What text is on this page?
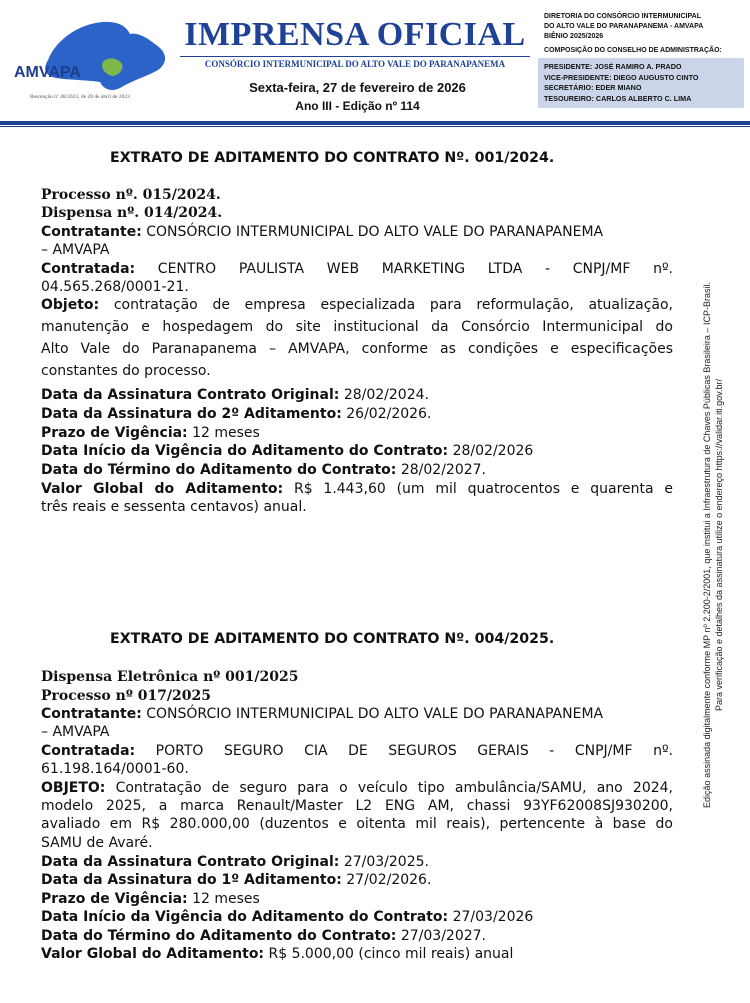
AMVAPA
Resolução nº 48/2023, de 28 de abril de 2023
IMPRENSA OFICIAL
CONSÓRCIO INTERMUNICIPAL DO ALTO VALE DO PARANAPANEMA
Sexta-feira, 27 de fevereiro de 2026
Ano III - Edição nº 114
DIRETORIA DO CONSÓRCIO INTERMUNICIPAL
DO ALTO VALE DO PARANAPANEMA - AMVAPA
BIÊNIO 2025/2026
COMPOSIÇÃO DO CONSELHO DE ADMINISTRAÇÃO:
PRESIDENTE: JOSÉ RAMIRO A. PRADO
VICE-PRESIDENTE: DIEGO AUGUSTO CINTO
SECRETÁRIO: EDER MIANO
TESOUREIRO: CARLOS ALBERTO C. LIMA
Edição assinada digitalmente conforme MP nº 2.200-2/2001, que institui a Infraestrutura de Chaves Públicas Brasileira – ICP-Brasil. Para verificação e detalhes da assinatura utilize o endereço https://validar.iti.gov.br/
EXTRATO DE ADITAMENTO DO CONTRATO Nº. 001/2024.
Processo nº. 015/2024.
Dispensa nº. 014/2024.
Contratante: CONSÓRCIO INTERMUNICIPAL DO ALTO VALE DO PARANAPANEMA
– AMVAPA
Contratada: CENTRO PAULISTA WEB MARKETING LTDA - CNPJ/MF nº.
04.565.268/0001-21.
Objeto: contratação de empresa especializada para reformulação, atualização,
manutenção e hospedagem do site institucional da Consórcio Intermunicipal do
Alto Vale do Paranapanema – AMVAPA, conforme as condições e especificações
constantes do processo.
Data da Assinatura Contrato Original: 28/02/2024.
Data da Assinatura do 2º Aditamento: 26/02/2026.
Prazo de Vigência: 12 meses
Data Início da Vigência do Aditamento do Contrato: 28/02/2026
Data do Término do Aditamento do Contrato: 28/02/2027.
Valor Global do Aditamento: R$ 1.443,60 (um mil quatrocentos e quarenta e
três reais e sessenta centavos) anual.
EXTRATO DE ADITAMENTO DO CONTRATO Nº. 004/2025.
Dispensa Eletrônica nº 001/2025
Processo nº 017/2025
Contratante: CONSÓRCIO INTERMUNICIPAL DO ALTO VALE DO PARANAPANEMA
– AMVAPA
Contratada: PORTO SEGURO CIA DE SEGUROS GERAIS - CNPJ/MF nº.
61.198.164/0001-60.
OBJETO: Contratação de seguro para o veículo tipo ambulância/SAMU, ano 2024,
modelo 2025, a marca Renault/Master L2 ENG AM, chassi 93YF62008SJ930200,
avaliado em R$ 280.000,00 (duzentos e oitenta mil reais), pertencente à base do
SAMU de Avaré.
Data da Assinatura Contrato Original: 27/03/2025.
Data da Assinatura do 1º Aditamento: 27/02/2026.
Prazo de Vigência: 12 meses
Data Início da Vigência do Aditamento do Contrato: 27/03/2026
Data do Término do Aditamento do Contrato: 27/03/2027.
Valor Global do Aditamento: R$ 5.000,00 (cinco mil reais) anual
